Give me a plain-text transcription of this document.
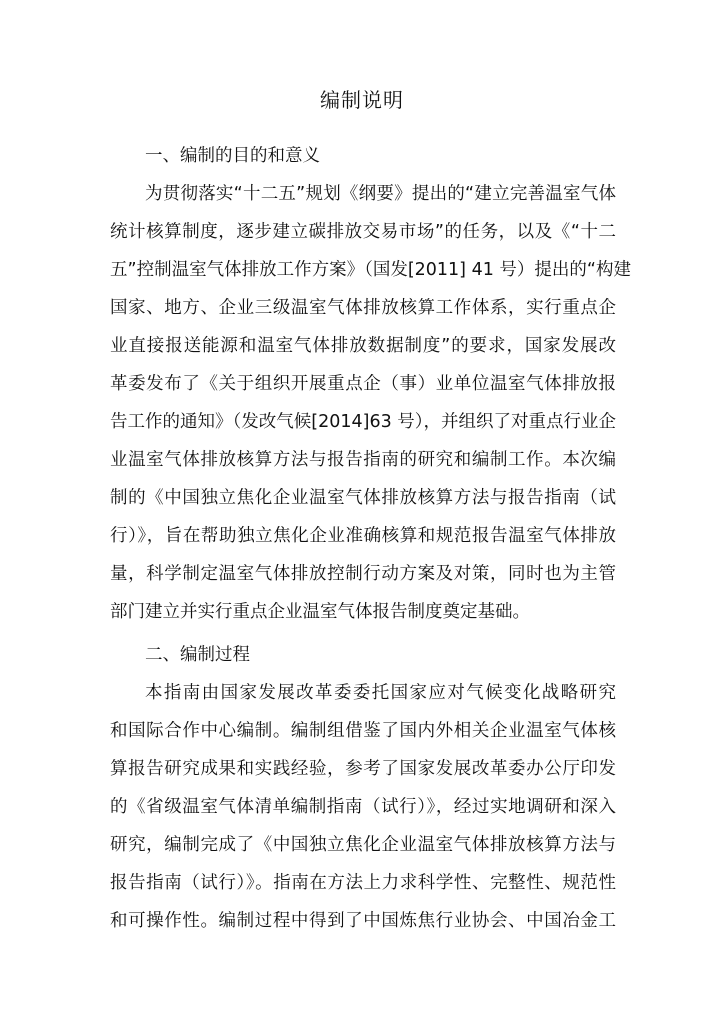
编制说明
一、编制的目的和意义
为贯彻落实“十二五”规划《纲要》提出的“建立完善温室气体
统计核算制度，逐步建立碳排放交易市场”的任务，以及《“十二
五”控制温室气体排放工作方案》（国发[2011] 41 号）提出的“构建
国家、地方、企业三级温室气体排放核算工作体系，实行重点企
业直接报送能源和温室气体排放数据制度”的要求，国家发展改
革委发布了《关于组织开展重点企（事）业单位温室气体排放报
告工作的通知》（发改气候[2014]63 号），并组织了对重点行业企
业温室气体排放核算方法与报告指南的研究和编制工作。本次编
制的《中国独立焦化企业温室气体排放核算方法与报告指南（试
行）》，旨在帮助独立焦化企业准确核算和规范报告温室气体排放
量，科学制定温室气体排放控制行动方案及对策，同时也为主管
部门建立并实行重点企业温室气体报告制度奠定基础。
二、编制过程
本指南由国家发展改革委委托国家应对气候变化战略研究
和国际合作中心编制。编制组借鉴了国内外相关企业温室气体核
算报告研究成果和实践经验，参考了国家发展改革委办公厅印发
的《省级温室气体清单编制指南（试行）》，经过实地调研和深入
研究，编制完成了《中国独立焦化企业温室气体排放核算方法与
报告指南（试行）》。指南在方法上力求科学性、完整性、规范性
和可操作性。编制过程中得到了中国炼焦行业协会、中国冶金工
